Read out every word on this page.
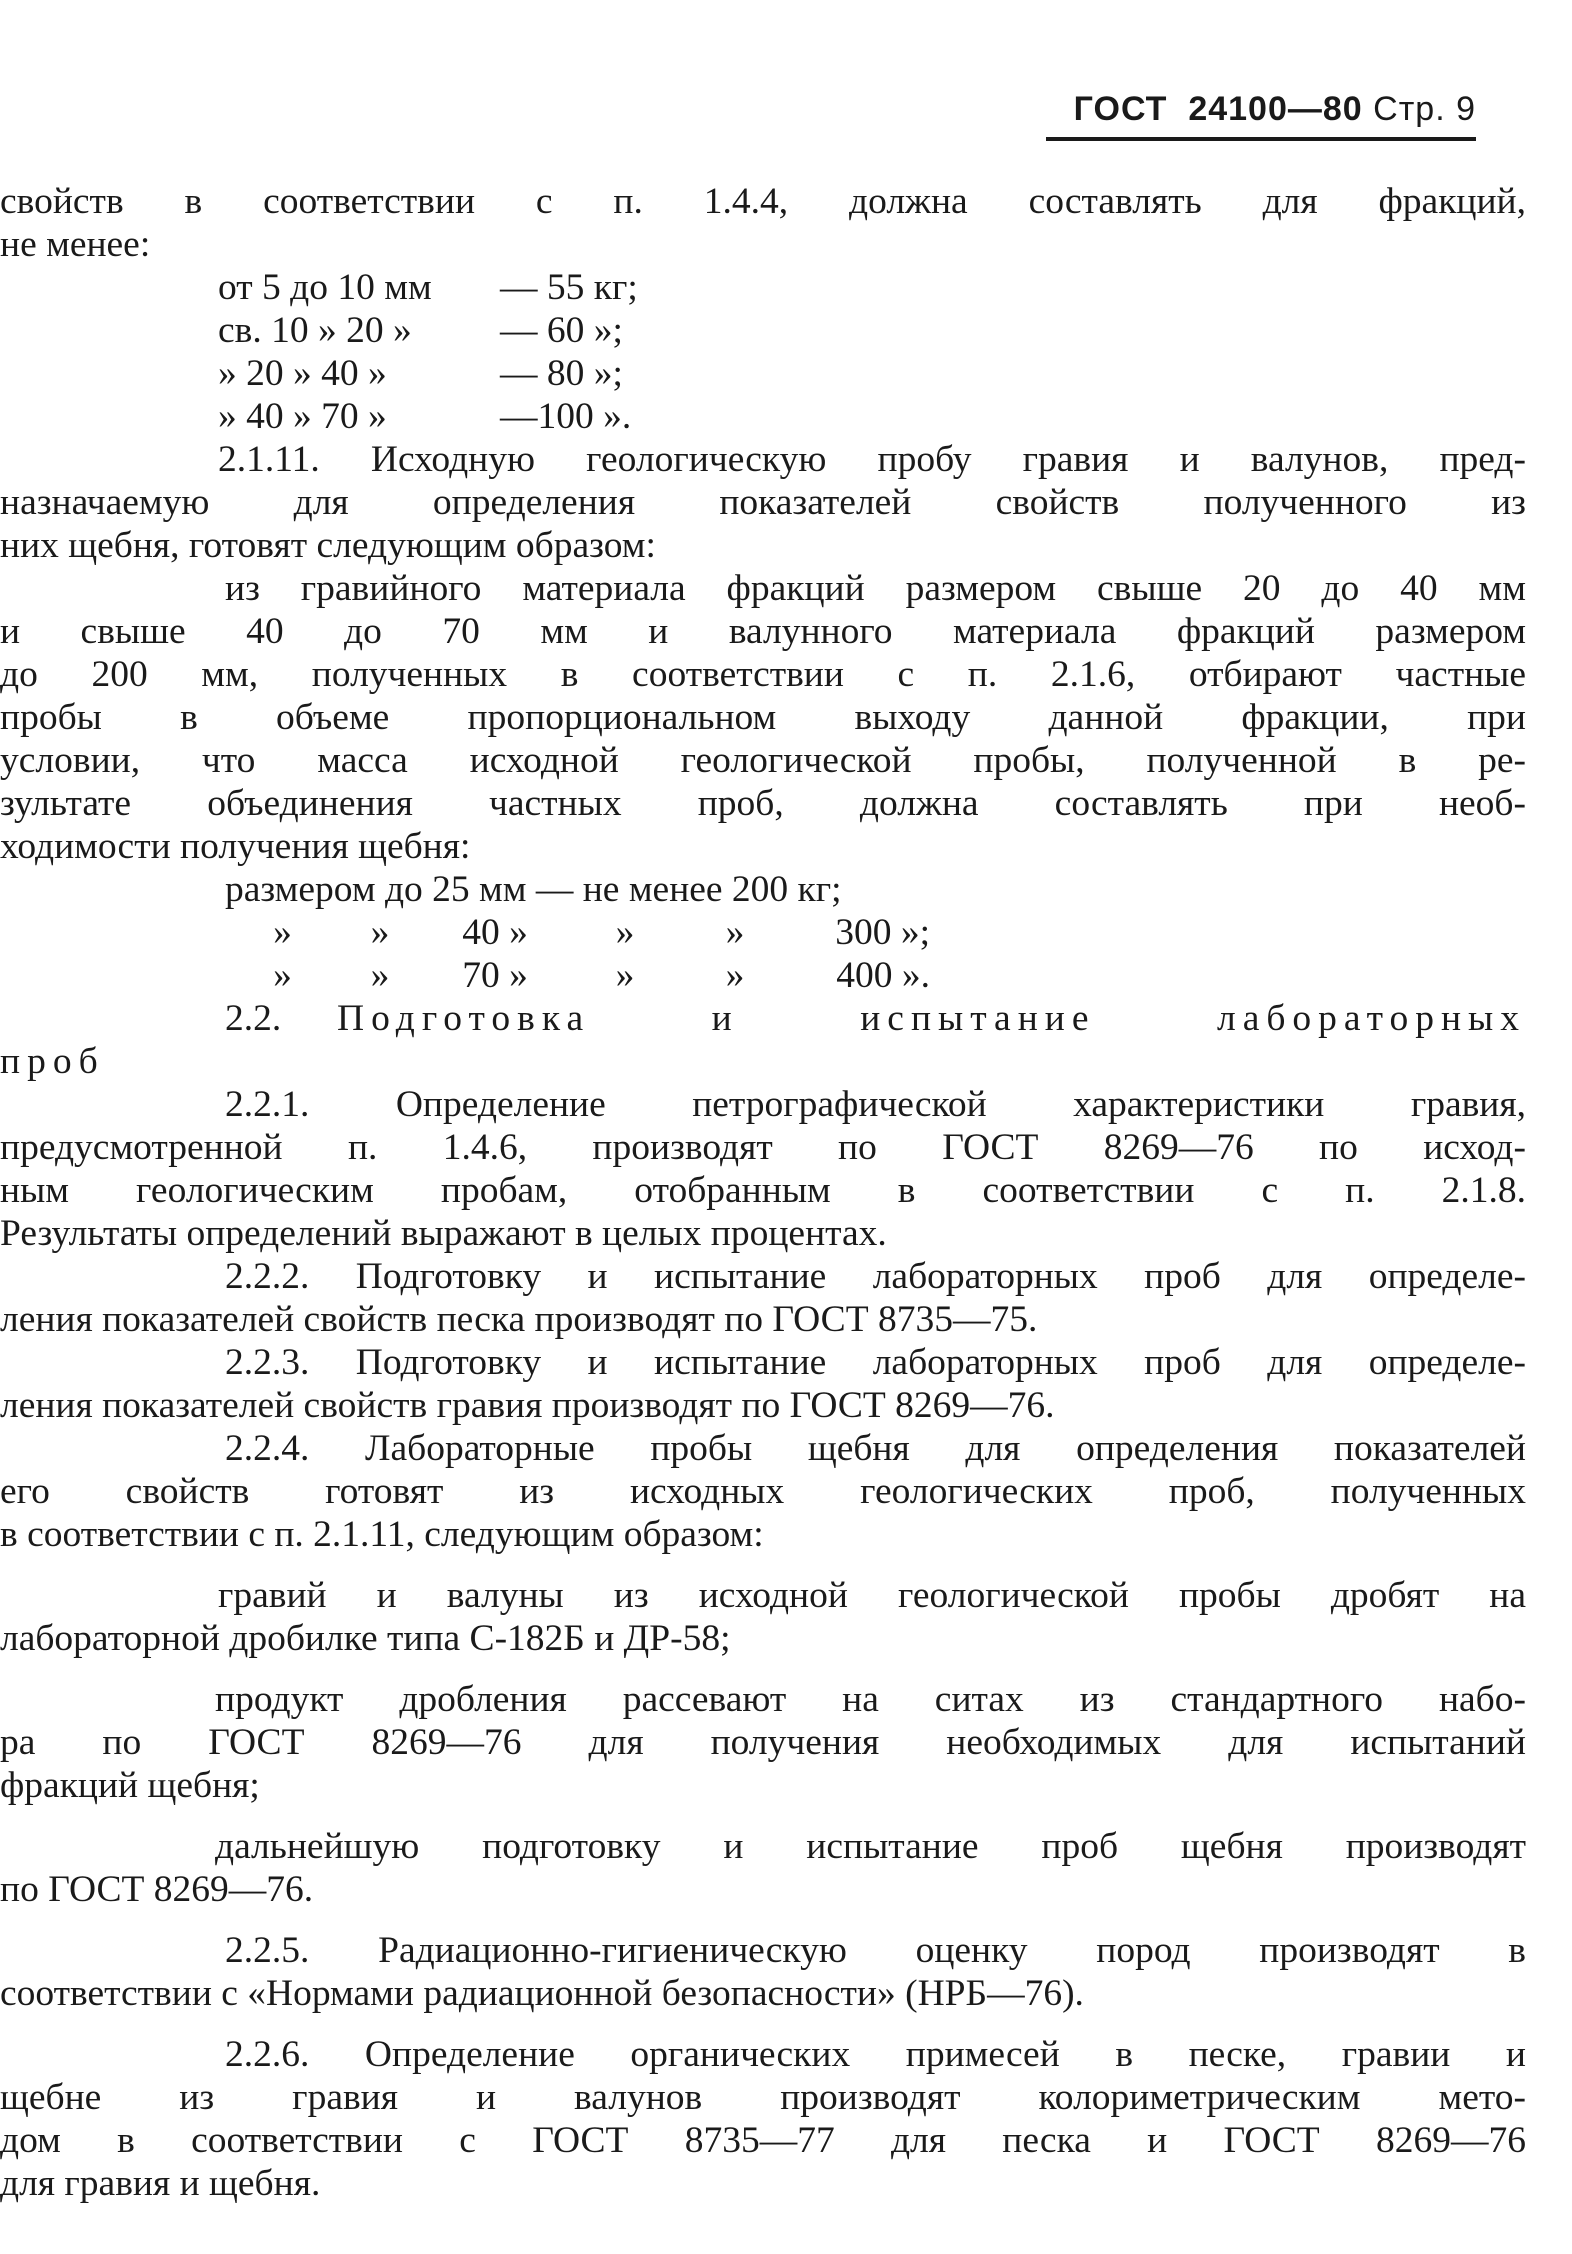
ГОСТ 24100—80 Стр. 9
свойств в соответствии с п. 1.4.4, должна составлять для фракций,
не менее:
от 5 до 10 мм	— 55 кг;
св. 10 » 20 »	— 60 »;
» 20 » 40 »	— 80 »;
» 40 » 70 »	—100 ».
2.1.11. Исходную геологическую пробу гравия и валунов, пред-
назначаемую для определения показателей свойств полученного из
них щебня, готовят следующим образом:
из гравийного материала фракций размером свыше 20 до 40 мм
и свыше 40 до 70 мм и валунного материала фракций размером
до 200 мм, полученных в соответствии с п. 2.1.6, отбирают частные
пробы в объеме пропорциональном выходу данной фракции, при
условии, что масса исходной геологической пробы, полученной в ре-
зультате объединения частных проб, должна составлять при необ-
ходимости получения щебня:
размером до 25 мм — не менее 200 кг;
» » 40 » » » 300 »;
» » 70 » » » 400 ».
2.2.	Подготовка и испытание лабораторных
проб
2.2.1. Определение петрографической характеристики гравия,
предусмотренной п. 1.4.6, производят по ГОСТ 8269—76 по исход-
ным геологическим пробам, отобранным в соответствии с п. 2.1.8.
Результаты определений выражают в целых процентах.
2.2.2. Подготовку и испытание лабораторных проб для определе-
ления показателей свойств песка производят по ГОСТ 8735—75.
2.2.3. Подготовку и испытание лабораторных проб для определе-
ления показателей свойств гравия производят по ГОСТ 8269—76.
2.2.4. Лабораторные пробы щебня для определения показателей
его свойств готовят из исходных геологических проб, полученных
в соответствии с п. 2.1.11, следующим образом:
гравий и валуны из исходной геологической пробы дробят на
лабораторной дробилке типа С-182Б и ДР-58;
продукт дробления рассевают на ситах из стандартного набо-
ра по ГОСТ 8269—76 для получения необходимых для испытаний
фракций щебня;
дальнейшую подготовку и испытание проб щебня производят
по ГОСТ 8269—76.
2.2.5. Радиационно-гигиеническую оценку пород производят в
соответствии с «Нормами радиационной безопасности» (НРБ—76).
2.2.6. Определение органических примесей в песке, гравии и
щебне из гравия и валунов производят колориметрическим мето-
дом в соответствии с ГОСТ 8735—77 для песка и ГОСТ 8269—76
для гравия и щебня.
